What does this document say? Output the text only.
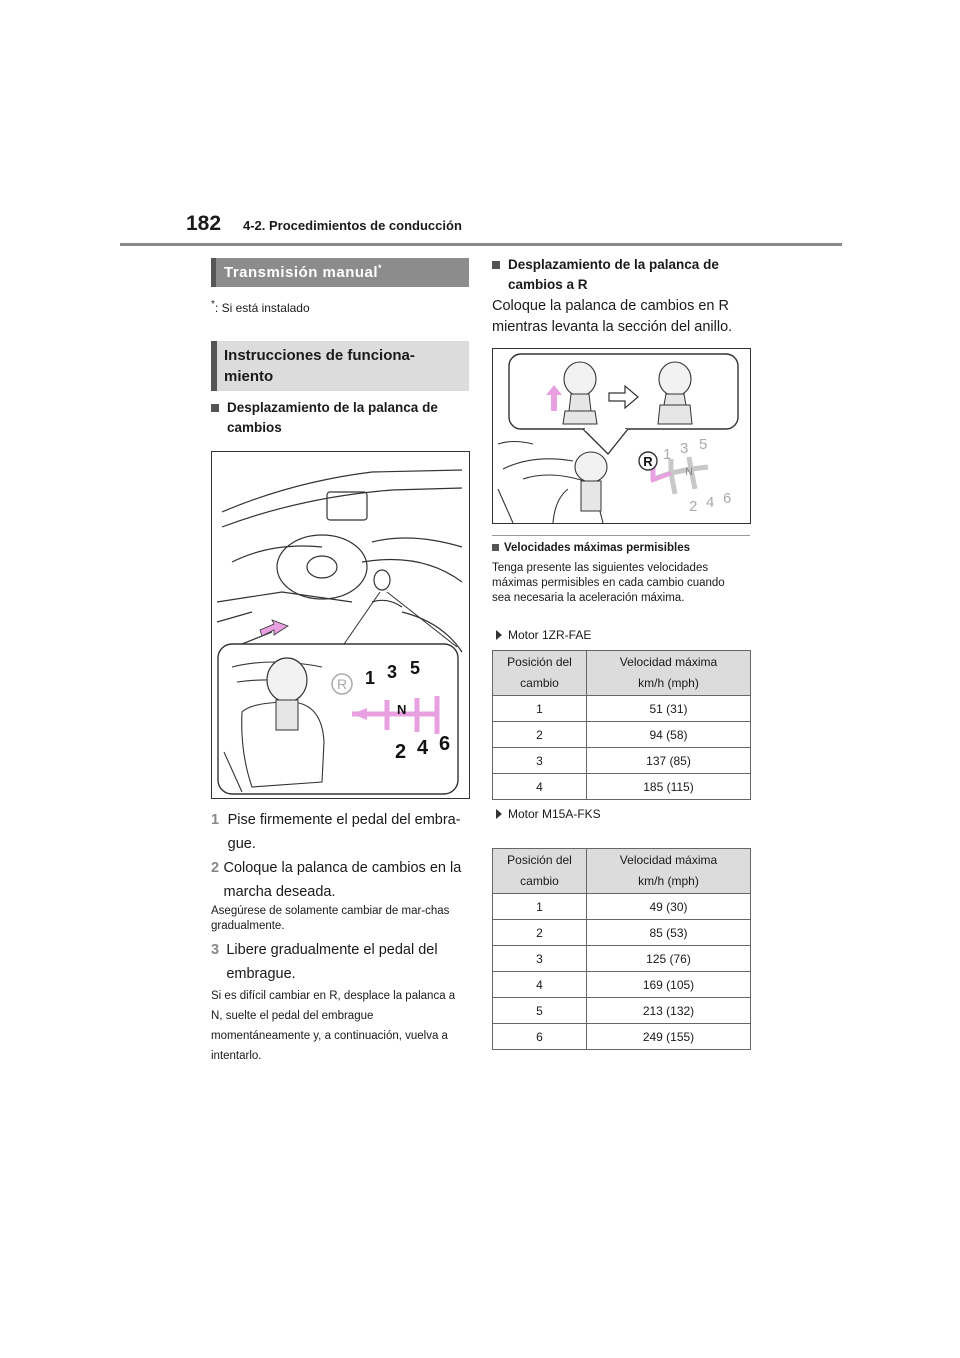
182 4-2. Procedimientos de conducción
Transmisión manual*
*: Si está instalado
Instrucciones de funciona-miento
Desplazamiento de la palanca de cambios
R 1 3 5
N
2 4 6
1 Pise firmemente el pedal del embra-gue.
2 Coloque la palanca de cambios en la marcha deseada.
Asegúrese de solamente cambiar de mar-chas gradualmente.
3 Libere gradualmente el pedal del embrague.
Si es difícil cambiar en R, desplace la palanca a N, suelte el pedal del embrague momentáneamente y, a continuación, vuelva a intentarlo.
Desplazamiento de la palanca de cambios a R
Coloque la palanca de cambios en R mientras levanta la sección del anillo.
R 1 3 5
N
2 4 6
Velocidades máximas permisibles
Tenga presente las siguientes velocidades máximas permisibles en cada cambio cuando sea necesaria la aceleración máxima.
Motor 1ZR-FAE
Posición del cambio	Velocidad máxima km/h (mph)

1	51 (31)
2	94 (58)
3	137 (85)
4	185 (115)
Motor M15A-FKS
Posición del cambio	Velocidad máxima km/h (mph)

1	49 (30)
2	85 (53)
3	125 (76)
4	169 (105)
5	213 (132)
6	249 (155)
